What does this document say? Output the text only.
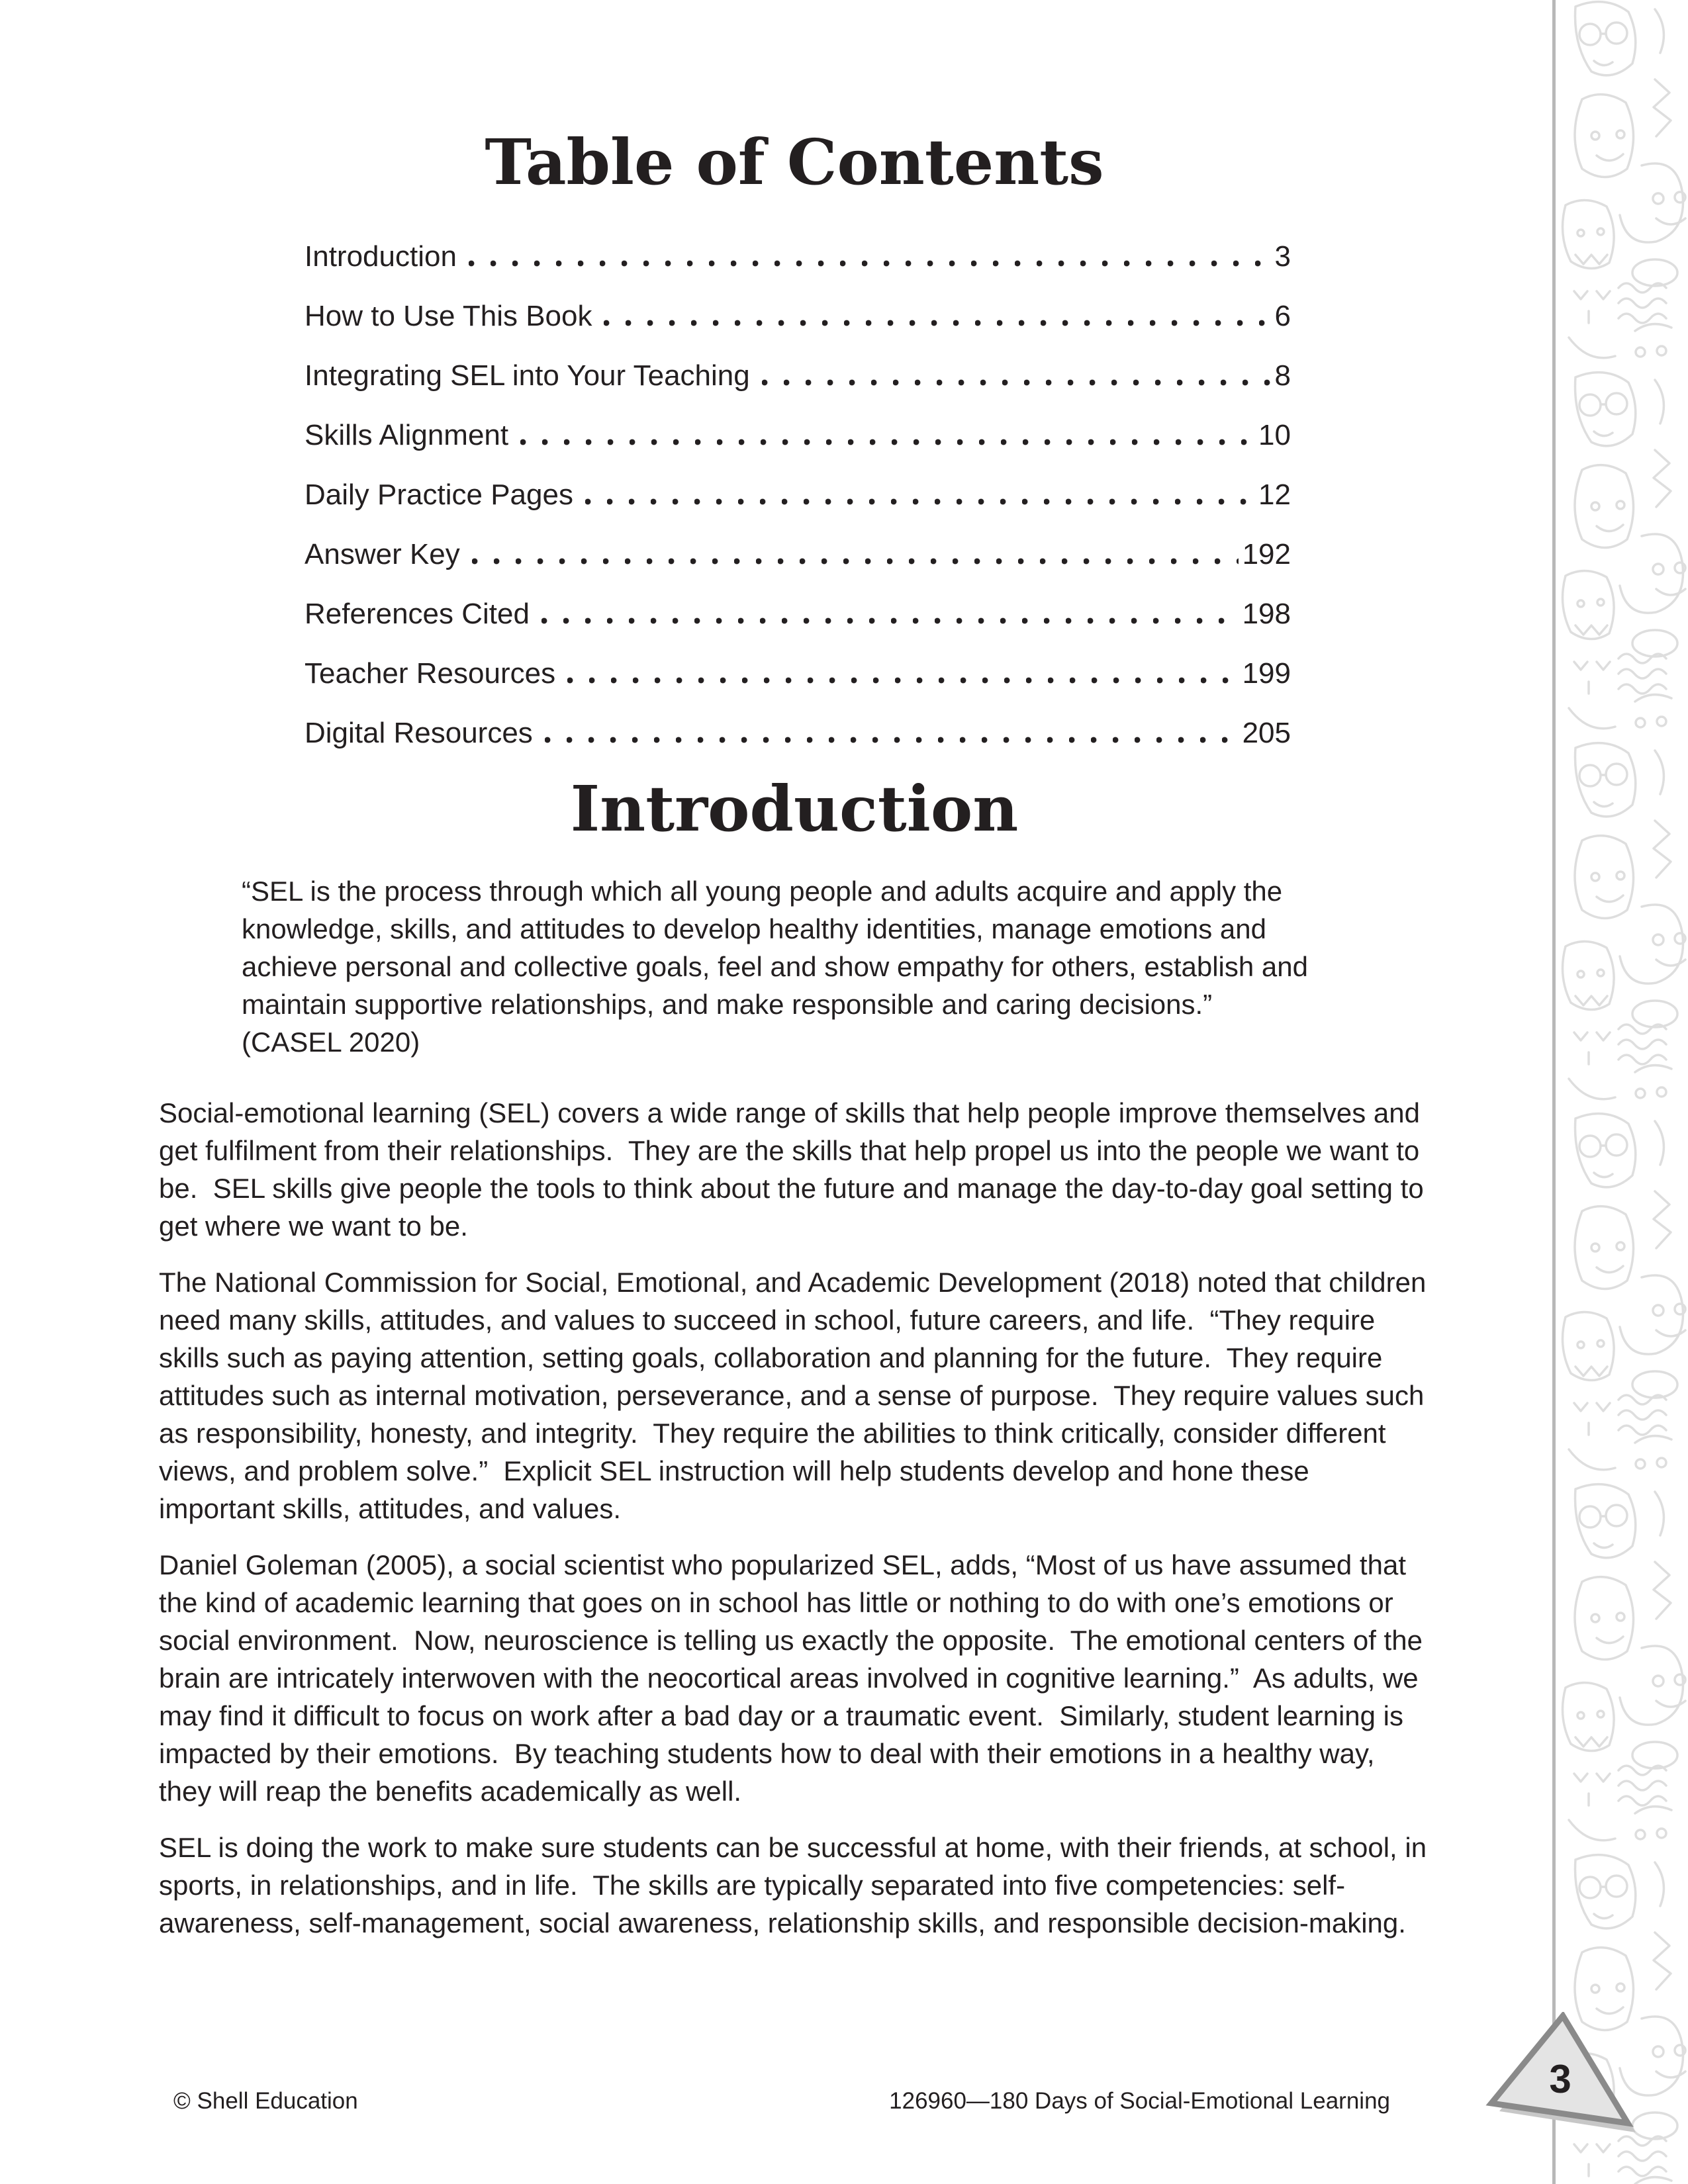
Table of Contents
Introduction	3
How to Use This Book	6
Integrating SEL into Your Teaching	8
Skills Alignment	10
Daily Practice Pages	12
Answer Key	192
References Cited	198
Teacher Resources	199
Digital Resources	205
Introduction

“SEL is the process through which all young people and adults acquire and apply the knowledge, skills, and attitudes to develop healthy identities, manage emotions and achieve personal and collective goals, feel and show empathy for others, establish and maintain supportive relationships, and make responsible and caring decisions.”  (CASEL 2020)

Social-emotional learning (SEL) covers a wide range of skills that help people improve themselves and get fulfilment from their relationships.  They are the skills that help propel us into the people we want to be.  SEL skills give people the tools to think about the future and manage the day-to-day goal setting to get where we want to be.

The National Commission for Social, Emotional, and Academic Development (2018) noted that children need many skills, attitudes, and values to succeed in school, future careers, and life.  “They require skills such as paying attention, setting goals, collaboration and planning for the future.  They require attitudes such as internal motivation, perseverance, and a sense of purpose.  They require values such as responsibility, honesty, and integrity.  They require the abilities to think critically, consider different views, and problem solve.”  Explicit SEL instruction will help students develop and hone these important skills, attitudes, and values.

Daniel Goleman (2005), a social scientist who popularized SEL, adds, “Most of us have assumed that the kind of academic learning that goes on in school has little or nothing to do with one’s emotions or social environment.  Now, neuroscience is telling us exactly the opposite.  The emotional centers of the brain are intricately interwoven with the neocortical areas involved in cognitive learning.”  As adults, we may find it difficult to focus on work after a bad day or a traumatic event.  Similarly, student learning is impacted by their emotions.  By teaching students how to deal with their emotions in a healthy way, they will reap the benefits academically as well.

SEL is doing the work to make sure students can be successful at home, with their friends, at school, in sports, in relationships, and in life.  The skills are typically separated into five competencies: self-awareness, self-management, social awareness, relationship skills, and responsible decision-making.

3
© Shell Education	126960—180 Days of Social-Emotional Learning
